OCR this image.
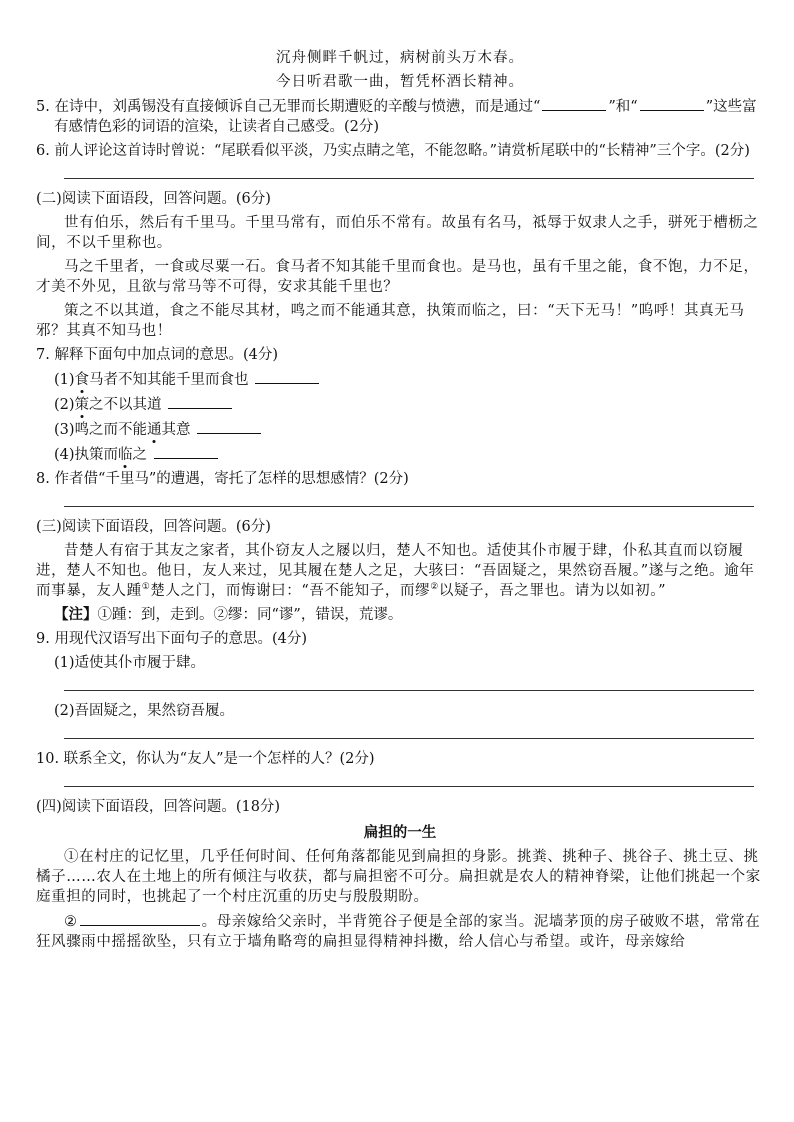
沉舟侧畔千帆过，病树前头万木春。

今日听君歌一曲，暂凭杯酒长精神。

5. 在诗中，刘禹锡没有直接倾诉自己无罪而长期遭贬的辛酸与愤懑，而是通过“	”和“	”这些富有感情色彩的词语的渲染，让读者自己感受。(2分)

6. 前人评论这首诗时曾说：“尾联看似平淡，乃实点睛之笔，不能忽略。”请赏析尾联中的“长精神”三个字。(2分)

(二)阅读下面语段，回答问题。(6分)

世有伯乐，然后有千里马。千里马常有，而伯乐不常有。故虽有名马，祗辱于奴隶人之手，骈死于槽枥之间，不以千里称也。

马之千里者，一食或尽粟一石。食马者不知其能千里而食也。是马也，虽有千里之能，食不饱，力不足，才美不外见，且欲与常马等不可得，安求其能千里也？

策之不以其道，食之不能尽其材，鸣之而不能通其意，执策而临之，曰：“天下无马！”呜呼！其真无马邪？其真不知马也！

7. 解释下面句中加点词的意思。(4分)

(1)食马者不知其能千里而食也

(2)策之不以其道

(3)鸣之而不能通其意

(4)执策而临之

8. 作者借“千里马”的遭遇，寄托了怎样的思想感情？(2分)

(三)阅读下面语段，回答问题。(6分)

昔楚人有宿于其友之家者，其仆窃友人之屦以归，楚人不知也。适使其仆市履于肆，仆私其直而以窃履进，楚人不知也。他日，友人来过，见其履在楚人之足，大骇曰：“吾固疑之，果然窃吾履。”遂与之绝。逾年而事暴，友人踵①楚人之门，而悔谢曰：“吾不能知子，而缪②以疑子，吾之罪也。请为以如初。”

【注】①踵：到，走到。②缪：同“谬”，错误，荒谬。

9. 用现代汉语写出下面句子的意思。(4分)

(1)适使其仆市履于肆。

(2)吾固疑之，果然窃吾履。

10. 联系全文，你认为“友人”是一个怎样的人？(2分)

(四)阅读下面语段，回答问题。(18分)

扁担的一生

①在村庄的记忆里，几乎任何时间、任何角落都能见到扁担的身影。挑粪、挑种子、挑谷子、挑土豆、挑橘子……农人在土地上的所有倾注与收获，都与扁担密不可分。扁担就是农人的精神脊梁，让他们挑起一个家庭重担的同时，也挑起了一个村庄沉重的历史与殷殷期盼。

②	。母亲嫁给父亲时，半背篼谷子便是全部的家当。泥墙茅顶的房子破败不堪，常常在狂风骤雨中摇摇欲坠，只有立于墙角略弯的扁担显得精神抖擞，给人信心与希望。或许，母亲嫁给
